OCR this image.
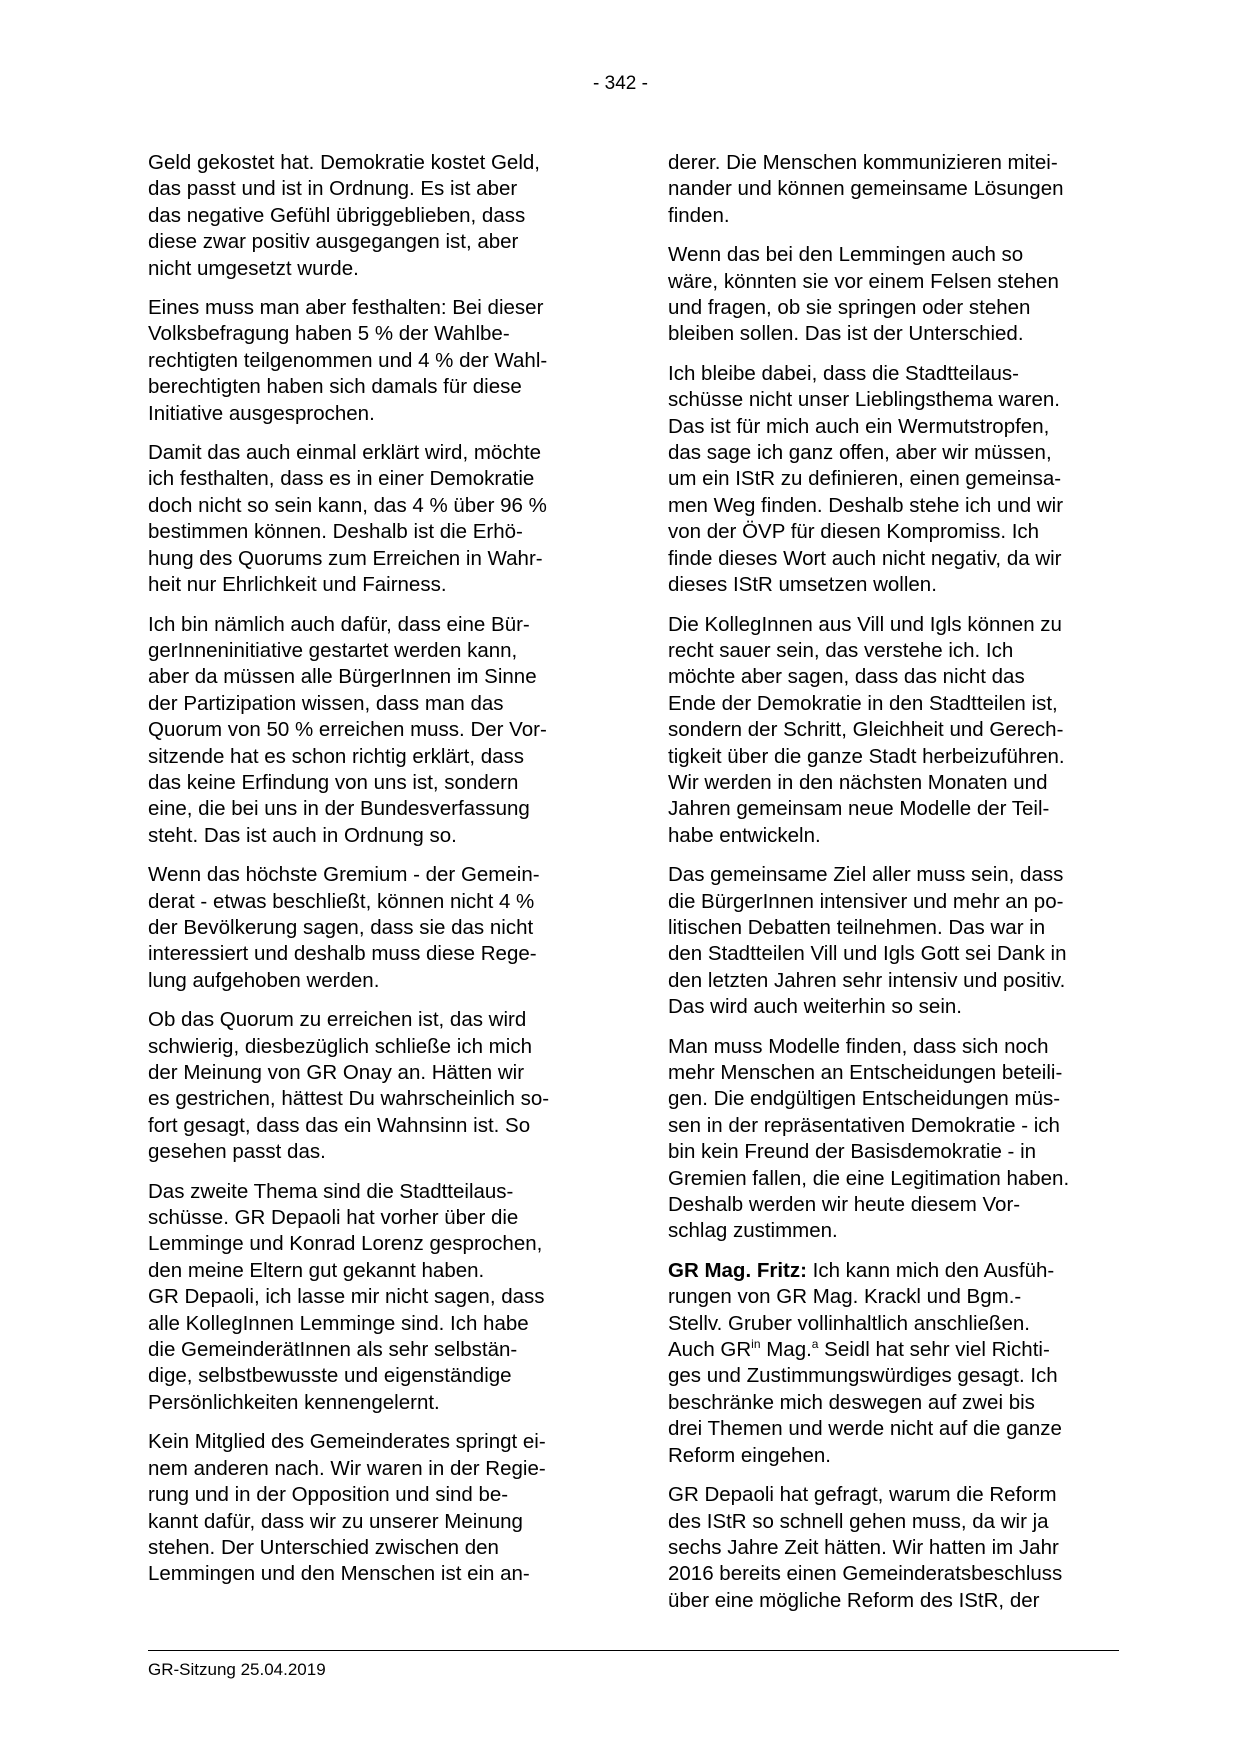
- 342 -

Geld gekostet hat. Demokratie kostet Geld,
das passt und ist in Ordnung. Es ist aber
das negative Gefühl übriggeblieben, dass
diese zwar positiv ausgegangen ist, aber
nicht umgesetzt wurde.

Eines muss man aber festhalten: Bei dieser
Volksbefragung haben 5 % der Wahlbe-
rechtigten teilgenommen und 4 % der Wahl-
berechtigten haben sich damals für diese
Initiative ausgesprochen.

Damit das auch einmal erklärt wird, möchte
ich festhalten, dass es in einer Demokratie
doch nicht so sein kann, das 4 % über 96 %
bestimmen können. Deshalb ist die Erhö-
hung des Quorums zum Erreichen in Wahr-
heit nur Ehrlichkeit und Fairness.

Ich bin nämlich auch dafür, dass eine Bür-
gerInneninitiative gestartet werden kann,
aber da müssen alle BürgerInnen im Sinne
der Partizipation wissen, dass man das
Quorum von 50 % erreichen muss. Der Vor-
sitzende hat es schon richtig erklärt, dass
das keine Erfindung von uns ist, sondern
eine, die bei uns in der Bundesverfassung
steht. Das ist auch in Ordnung so.

Wenn das höchste Gremium - der Gemein-
derat - etwas beschließt, können nicht 4 %
der Bevölkerung sagen, dass sie das nicht
interessiert und deshalb muss diese Rege-
lung aufgehoben werden.

Ob das Quorum zu erreichen ist, das wird
schwierig, diesbezüglich schließe ich mich
der Meinung von GR Onay an. Hätten wir
es gestrichen, hättest Du wahrscheinlich so-
fort gesagt, dass das ein Wahnsinn ist. So
gesehen passt das.

Das zweite Thema sind die Stadtteilaus-
schüsse. GR Depaoli hat vorher über die
Lemminge und Konrad Lorenz gesprochen,
den meine Eltern gut gekannt haben.
GR Depaoli, ich lasse mir nicht sagen, dass
alle KollegInnen Lemminge sind. Ich habe
die GemeinderätInnen als sehr selbstän-
dige, selbstbewusste und eigenständige
Persönlichkeiten kennengelernt.

Kein Mitglied des Gemeinderates springt ei-
nem anderen nach. Wir waren in der Regie-
rung und in der Opposition und sind be-
kannt dafür, dass wir zu unserer Meinung
stehen. Der Unterschied zwischen den
Lemmingen und den Menschen ist ein an-

derer. Die Menschen kommunizieren mitei-
nander und können gemeinsame Lösungen
finden.

Wenn das bei den Lemmingen auch so
wäre, könnten sie vor einem Felsen stehen
und fragen, ob sie springen oder stehen
bleiben sollen. Das ist der Unterschied.

Ich bleibe dabei, dass die Stadtteilaus-
schüsse nicht unser Lieblingsthema waren.
Das ist für mich auch ein Wermutstropfen,
das sage ich ganz offen, aber wir müssen,
um ein IStR zu definieren, einen gemeinsa-
men Weg finden. Deshalb stehe ich und wir
von der ÖVP für diesen Kompromiss. Ich
finde dieses Wort auch nicht negativ, da wir
dieses IStR umsetzen wollen.

Die KollegInnen aus Vill und Igls können zu
recht sauer sein, das verstehe ich. Ich
möchte aber sagen, dass das nicht das
Ende der Demokratie in den Stadtteilen ist,
sondern der Schritt, Gleichheit und Gerech-
tigkeit über die ganze Stadt herbeizuführen.
Wir werden in den nächsten Monaten und
Jahren gemeinsam neue Modelle der Teil-
habe entwickeln.

Das gemeinsame Ziel aller muss sein, dass
die BürgerInnen intensiver und mehr an po-
litischen Debatten teilnehmen. Das war in
den Stadtteilen Vill und Igls Gott sei Dank in
den letzten Jahren sehr intensiv und positiv.
Das wird auch weiterhin so sein.

Man muss Modelle finden, dass sich noch
mehr Menschen an Entscheidungen beteili-
gen. Die endgültigen Entscheidungen müs-
sen in der repräsentativen Demokratie - ich
bin kein Freund der Basisdemokratie - in
Gremien fallen, die eine Legitimation haben.
Deshalb werden wir heute diesem Vor-
schlag zustimmen.

GR Mag. Fritz: Ich kann mich den Ausfüh-
rungen von GR Mag. Krackl und Bgm.-
Stellv. Gruber vollinhaltlich anschließen.
Auch $GR^{in}$ Mag.$^a$ Seidl hat sehr viel Richti-
ges und Zustimmungswürdiges gesagt. Ich
beschränke mich deswegen auf zwei bis
drei Themen und werde nicht auf die ganze
Reform eingehen.

GR Depaoli hat gefragt, warum die Reform
des IStR so schnell gehen muss, da wir ja
sechs Jahre Zeit hätten. Wir hatten im Jahr
2016 bereits einen Gemeinderatsbeschluss
über eine mögliche Reform des IStR, der

GR-Sitzung 25.04.2019
